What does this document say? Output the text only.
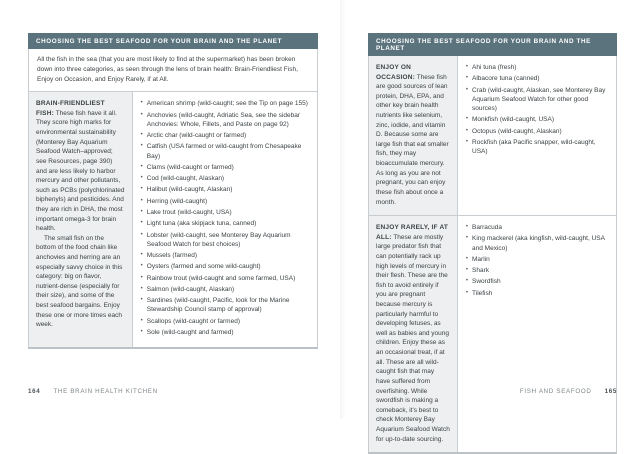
CHOOSING THE BEST SEAFOOD FOR YOUR BRAIN AND THE PLANET

All the fish in the sea (that you are most likely to find at the supermarket) has been broken down into three categories, as seen through the lens of brain health: Brain-Friendliest Fish, Enjoy on Occasion, and Enjoy Rarely, if at All.

BRAIN-FRIENDLIEST FISH: These fish have it all. They score high marks for environmental sustainability (Monterey Bay Aquarium Seafood Watch–approved; see Resources, page 390) and are less likely to harbor mercury and other pollutants, such as PCBs (polychlorinated biphenyls) and pesticides. And they are rich in DHA, the most important omega-3 for brain health.

The small fish on the bottom of the food chain like anchovies and herring are an especially savvy choice in this category: big on flavor, nutrient-dense (especially for their size), and some of the best seafood bargains. Enjoy these one or more times each week.

• American shrimp (wild-caught; see the Tip on page 155)
• Anchovies (wild-caught, Adriatic Sea, see the sidebar Anchovies: Whole, Fillets, and Paste on page 92)
• Arctic char (wild-caught or farmed)
• Catfish (USA farmed or wild-caught from Chesapeake Bay)
• Clams (wild-caught or farmed)
• Cod (wild-caught, Alaskan)
• Halibut (wild-caught, Alaskan)
• Herring (wild-caught)
• Lake trout (wild-caught, USA)
• Light tuna (aka skipjack tuna, canned)
• Lobster (wild-caught, see Monterey Bay Aquarium Seafood Watch for best choices)
• Mussels (farmed)
• Oysters (farmed and some wild-caught)
• Rainbow trout (wild-caught and some farmed, USA)
• Salmon (wild-caught, Alaskan)
• Sardines (wild-caught, Pacific, look for the Marine Stewardship Council stamp of approval)
• Scallops (wild-caught or farmed)
• Sole (wild-caught and farmed)
CHOOSING THE BEST SEAFOOD FOR YOUR BRAIN AND THE PLANET

ENJOY ON OCCASION: These fish are good sources of lean protein, DHA, EPA, and other key brain health nutrients like selenium, zinc, iodide, and vitamin D. Because some are large fish that eat smaller fish, they may bioaccumulate mercury. As long as you are not pregnant, you can enjoy these fish about once a month.

• Ahi tuna (fresh)
• Albacore tuna (canned)
• Crab (wild-caught, Alaskan, see Monterey Bay Aquarium Seafood Watch for other good sources)
• Monkfish (wild-caught, USA)
• Octopus (wild-caught, Alaskan)
• Rockfish (aka Pacific snapper, wild-caught, USA)

ENJOY RARELY, IF AT ALL: These are mostly large predator fish that can potentially rack up high levels of mercury in their flesh. These are the fish to avoid entirely if you are pregnant because mercury is particularly harmful to developing fetuses, as well as babies and young children. Enjoy these as an occasional treat, if at all. These are all wild-caught fish that may have suffered from overfishing. While swordfish is making a comeback, it's best to check Monterey Bay Aquarium Seafood Watch for up-to-date sourcing.

• Barracuda
• King mackerel (aka kingfish, wild-caught, USA and Mexico)
• Marlin
• Shark
• Swordfish
• Tilefish
164 THE BRAIN HEALTH KITCHEN	FISH AND SEAFOOD 165
